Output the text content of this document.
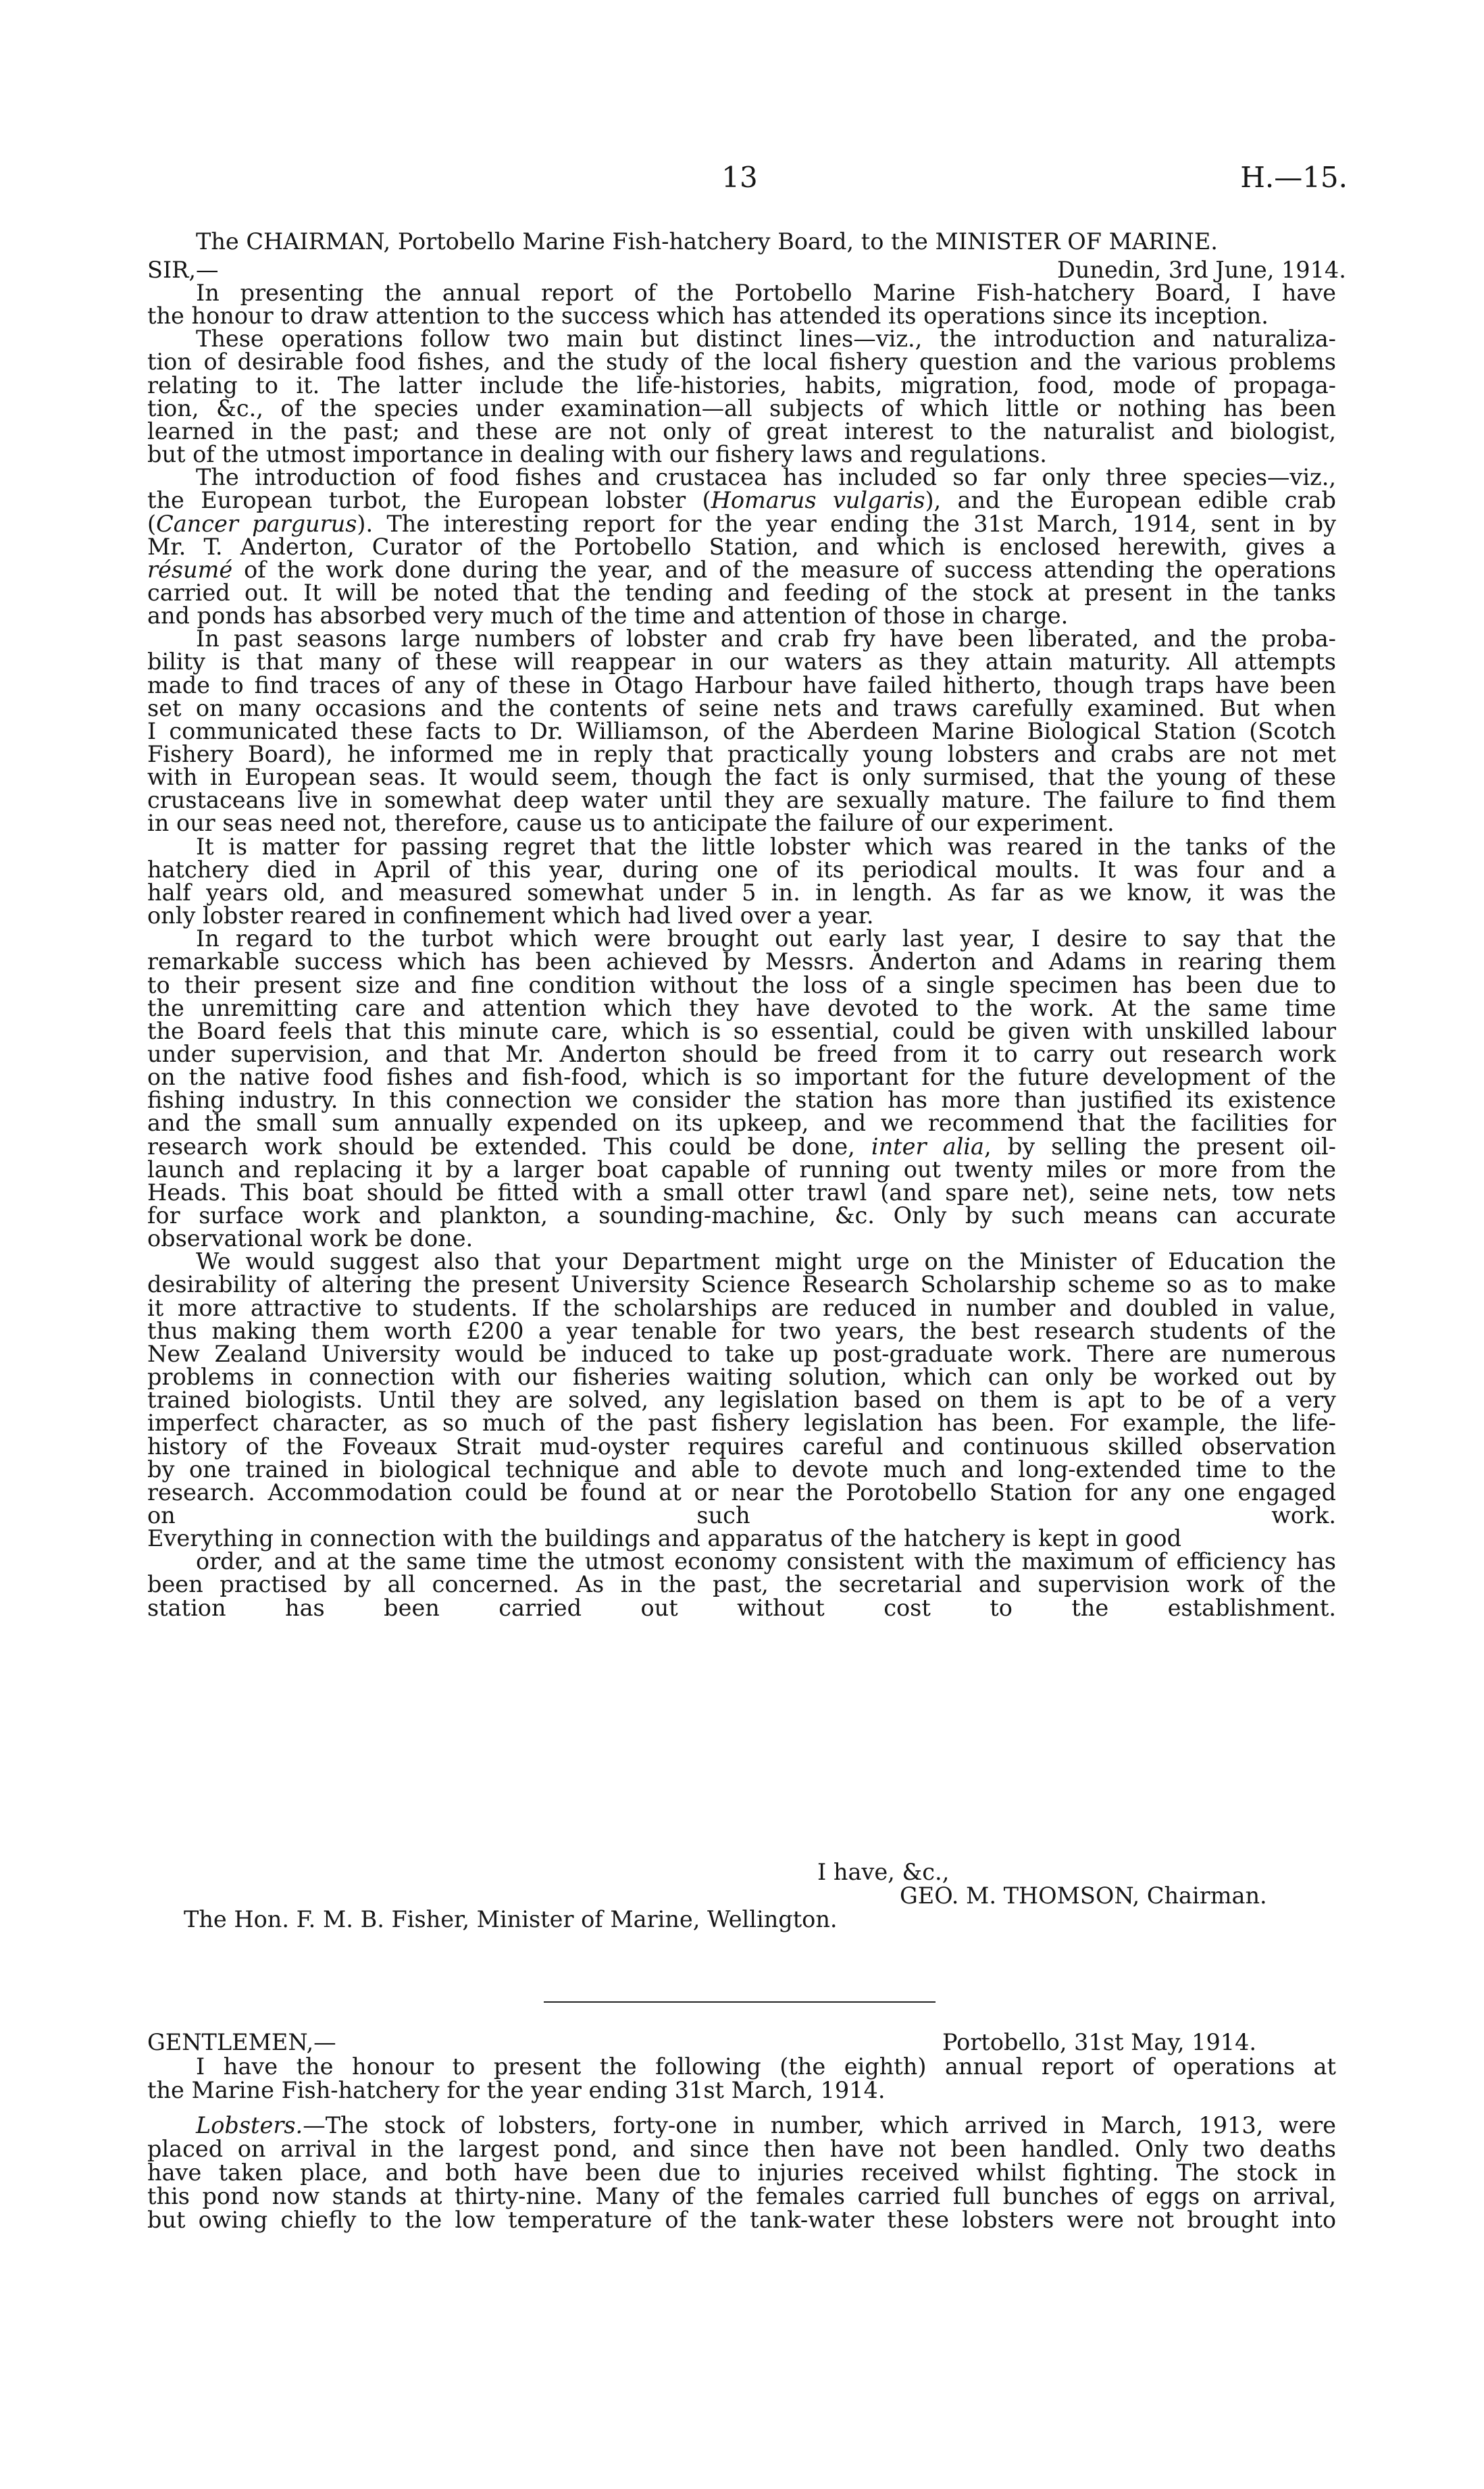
13	H.—15.
The CHAIRMAN, Portobello Marine Fish-hatchery Board, to the MINISTER OF MARINE.
SIR,—	Dunedin, 3rd June, 1914.
In presenting the annual report of the Portobello Marine Fish-hatchery Board, I have
the honour to draw attention to the success which has attended its operations since its inception.
These operations follow two main but distinct lines—viz., the introduction and naturaliza-
tion of desirable food fishes, and the study of the local fishery question and the various problems
relating to it. The latter include the life-histories, habits, migration, food, mode of propaga-
tion, &c., of the species under examination—all subjects of which little or nothing has been
learned in the past; and these are not only of great interest to the naturalist and biologist,
but of the utmost importance in dealing with our fishery laws and regulations.
The introduction of food fishes and crustacea has included so far only three species—viz.,
the European turbot, the European lobster (Homarus vulgaris), and the European edible crab
(Cancer pargurus). The interesting report for the year ending the 31st March, 1914, sent in by
Mr. T. Anderton, Curator of the Portobello Station, and which is enclosed herewith, gives a
résumé of the work done during the year, and of the measure of success attending the operations
carried out. It will be noted that the tending and feeding of the stock at present in the tanks
and ponds has absorbed very much of the time and attention of those in charge.
In past seasons large numbers of lobster and crab fry have been liberated, and the proba-
bility is that many of these will reappear in our waters as they attain maturity. All attempts
made to find traces of any of these in Otago Harbour have failed hitherto, though traps have been
set on many occasions and the contents of seine nets and traws carefully examined. But when
I communicated these facts to Dr. Williamson, of the Aberdeen Marine Biological Station (Scotch
Fishery Board), he informed me in reply that practically young lobsters and crabs are not met
with in European seas. It would seem, though the fact is only surmised, that the young of these
crustaceans live in somewhat deep water until they are sexually mature. The failure to find them
in our seas need not, therefore, cause us to anticipate the failure of our experiment.
It is matter for passing regret that the little lobster which was reared in the tanks of the
hatchery died in April of this year, during one of its periodical moults. It was four and a
half years old, and measured somewhat under 5 in. in length. As far as we know, it was the
only lobster reared in confinement which had lived over a year.
In regard to the turbot which were brought out early last year, I desire to say that the
remarkable success which has been achieved by Messrs. Anderton and Adams in rearing them
to their present size and fine condition without the loss of a single specimen has been due to
the unremitting care and attention which they have devoted to the work. At the same time
the Board feels that this minute care, which is so essential, could be given with unskilled labour
under supervision, and that Mr. Anderton should be freed from it to carry out research work
on the native food fishes and fish-food, which is so important for the future development of the
fishing industry. In this connection we consider the station has more than justified its existence
and the small sum annually expended on its upkeep, and we recommend that the facilities for
research work should be extended. This could be done, inter alia, by selling the present oil-
launch and replacing it by a larger boat capable of running out twenty miles or more from the
Heads. This boat should be fitted with a small otter trawl (and spare net), seine nets, tow nets
for surface work and plankton, a sounding-machine, &c. Only by such means can accurate
observational work be done.
We would suggest also that your Department might urge on the Minister of Education the
desirability of altering the present University Science Research Scholarship scheme so as to make
it more attractive to students. If the scholarships are reduced in number and doubled in value,
thus making them worth £200 a year tenable for two years, the best research students of the
New Zealand University would be induced to take up post-graduate work. There are numerous
problems in connection with our fisheries waiting solution, which can only be worked out by
trained biologists. Until they are solved, any legislation based on them is apt to be of a very
imperfect character, as so much of the past fishery legislation has been. For example, the life-
history of the Foveaux Strait mud-oyster requires careful and continuous skilled observation
by one trained in biological technique and able to devote much and long-extended time to the
research. Accommodation could be found at or near the Porotobello Station for any one engaged
on such work.
Everything in connection with the buildings and apparatus of the hatchery is kept in good
order, and at the same time the utmost economy consistent with the maximum of efficiency has
been practised by all concerned. As in the past, the secretarial and supervision work of the
station has been carried out without cost to the establishment.
I have, &c.,
GEO. M. THOMSON, Chairman.
The Hon. F. M. B. Fisher, Minister of Marine, Wellington.
GENTLEMEN,—	Portobello, 31st May, 1914.
I have the honour to present the following (the eighth) annual report of operations at
the Marine Fish-hatchery for the year ending 31st March, 1914.
Lobsters.—The stock of lobsters, forty-one in number, which arrived in March, 1913, were
placed on arrival in the largest pond, and since then have not been handled. Only two deaths
have taken place, and both have been due to injuries received whilst fighting. The stock in
this pond now stands at thirty-nine. Many of the females carried full bunches of eggs on arrival,
but owing chiefly to the low temperature of the tank-water these lobsters were not brought into
